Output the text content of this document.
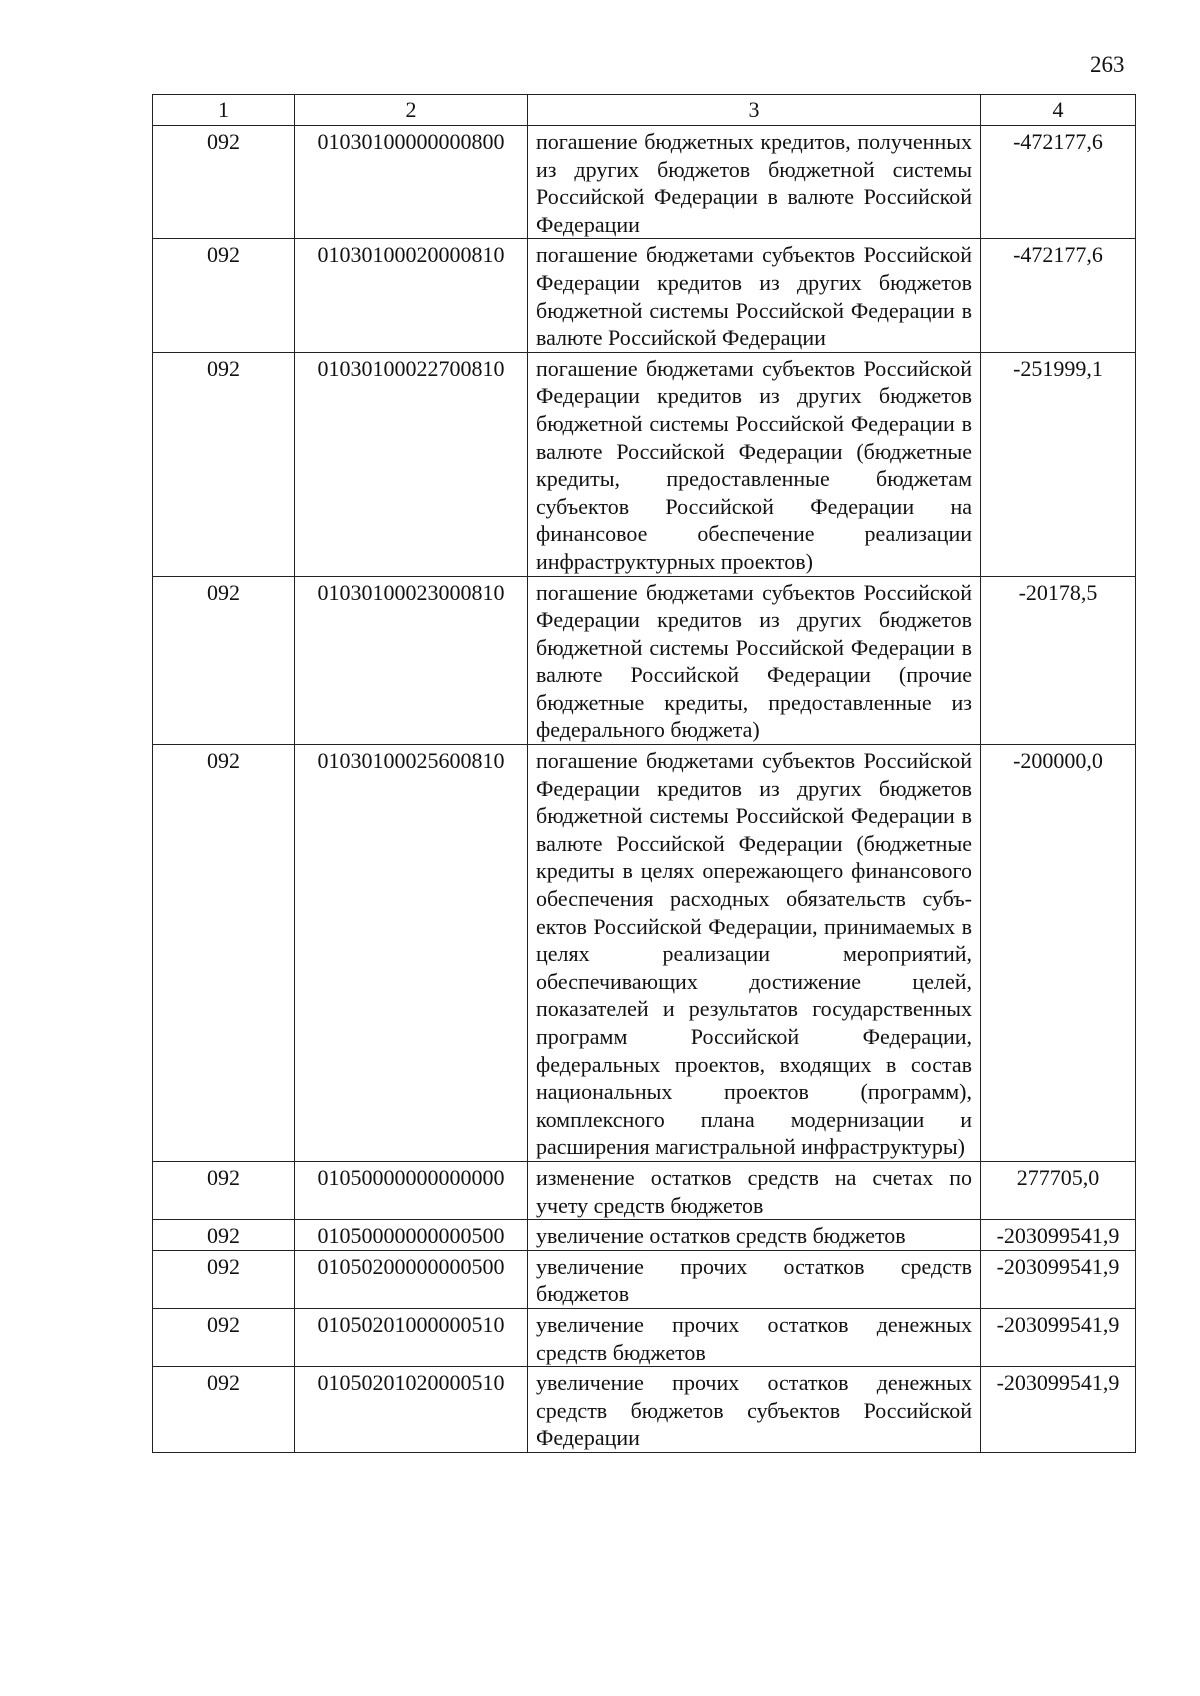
263
1	2	3	4
092	01030100000000800	погашение бюджетных кредитов, полученных из других бюджетов бюджетной системы Российской Федерации в валюте Российской Федерации	-472177,6
092	01030100020000810	погашение бюджетами субъектов Российской Федерации кредитов из других бюджетов бюджетной системы Российской Федерации в валюте Российской Федерации	-472177,6
092	01030100022700810	погашение бюджетами субъектов Российской Федерации кредитов из других бюджетов бюджетной системы Российской Федерации в валюте Российской Федерации (бюджетные кредиты, предоставленные бюджетам субъектов Российской Федерации на финансовое обеспечение реализации инфраструктурных проектов)	-251999,1
092	01030100023000810	погашение бюджетами субъектов Российской Федерации кредитов из других бюджетов бюджетной системы Российской Федерации в валюте Российской Федерации (прочие бюджетные кредиты, предоставленные из федерального бюджета)	-20178,5
092	01030100025600810	погашение бюджетами субъектов Российской Федерации кредитов из других бюджетов бюджетной системы Российской Федерации в валюте Российской Федерации (бюджетные кредиты в целях опережающего финансового обеспечения расходных обязательств субъектов Российской Федерации, принимаемых в целях реализации мероприятий, обеспечивающих достижение целей, показателей и результатов государственных программ Российской Федерации, федеральных проектов, входящих в состав национальных проектов (программ), комплексного плана модернизации и расширения магистральной инфраструктуры)	-200000,0
092	01050000000000000	изменение остатков средств на счетах по учету средств бюджетов	277705,0
092	01050000000000500	увеличение остатков средств бюджетов	-203099541,9
092	01050200000000500	увеличение прочих остатков средств бюджетов	-203099541,9
092	01050201000000510	увеличение прочих остатков денежных средств бюджетов	-203099541,9
092	01050201020000510	увеличение прочих остатков денежных средств бюджетов субъектов Российской Федерации	-203099541,9
